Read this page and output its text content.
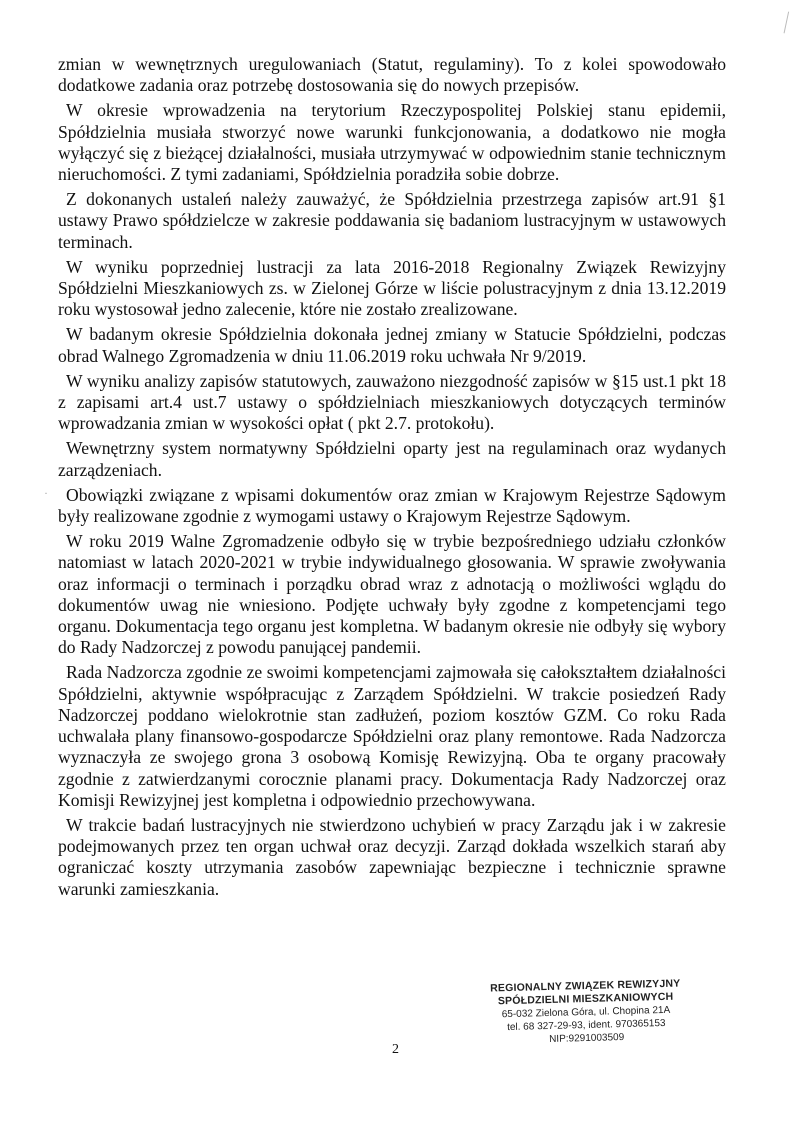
·

zmian w wewnętrznych uregulowaniach (Statut, regulaminy). To z kolei spowodowało dodatkowe zadania oraz potrzebę dostosowania się do nowych przepisów.

W okresie wprowadzenia na terytorium Rzeczypospolitej Polskiej stanu epidemii, Spółdzielnia musiała stworzyć nowe warunki funkcjonowania, a dodatkowo nie mogła wyłączyć się z bieżącej działalności, musiała utrzymywać w odpowiednim stanie technicznym nieruchomości. Z tymi zadaniami, Spółdzielnia poradziła sobie dobrze.

Z dokonanych ustaleń należy zauważyć, że Spółdzielnia przestrzega zapisów art.91 §1 ustawy Prawo spółdzielcze w zakresie poddawania się badaniom lustracyjnym w ustawowych terminach.

W wyniku poprzedniej lustracji za lata 2016-2018 Regionalny Związek Rewizyjny Spółdzielni Mieszkaniowych zs. w Zielonej Górze w liście polustracyjnym z dnia 13.12.2019 roku wystosował jedno zalecenie, które nie zostało zrealizowane.

W badanym okresie Spółdzielnia dokonała jednej zmiany w Statucie Spółdzielni, podczas obrad Walnego Zgromadzenia w dniu 11.06.2019 roku uchwała Nr 9/2019.

W wyniku analizy zapisów statutowych, zauważono niezgodność zapisów w §15 ust.1 pkt 18 z zapisami art.4 ust.7 ustawy o spółdzielniach mieszkaniowych dotyczących terminów wprowadzania zmian w wysokości opłat ( pkt 2.7. protokołu).

Wewnętrzny system normatywny Spółdzielni oparty jest na regulaminach oraz wydanych zarządzeniach.

Obowiązki związane z wpisami dokumentów oraz zmian w Krajowym Rejestrze Sądowym były realizowane zgodnie z wymogami ustawy o Krajowym Rejestrze Sądowym.

W roku 2019 Walne Zgromadzenie odbyło się w trybie bezpośredniego udziału członków natomiast w latach 2020-2021 w trybie indywidualnego głosowania. W sprawie zwoływania oraz informacji o terminach i porządku obrad wraz z adnotacją o możliwości wglądu do dokumentów uwag nie wniesiono. Podjęte uchwały były zgodne z kompetencjami tego organu. Dokumentacja tego organu jest kompletna. W badanym okresie nie odbyły się wybory do Rady Nadzorczej z powodu panującej pandemii.

Rada Nadzorcza zgodnie ze swoimi kompetencjami zajmowała się całokształtem działalności Spółdzielni, aktywnie współpracując z Zarządem Spółdzielni. W trakcie posiedzeń Rady Nadzorczej poddano wielokrotnie stan zadłużeń, poziom kosztów GZM. Co roku Rada uchwalała plany finansowo-gospodarcze Spółdzielni oraz plany remontowe. Rada Nadzorcza wyznaczyła ze swojego grona 3 osobową Komisję Rewizyjną. Oba te organy pracowały zgodnie z zatwierdzanymi corocznie planami pracy. Dokumentacja Rady Nadzorczej oraz Komisji Rewizyjnej jest kompletna i odpowiednio przechowywana.

W trakcie badań lustracyjnych nie stwierdzono uchybień w pracy Zarządu jak i w zakresie podejmowanych przez ten organ uchwał oraz decyzji. Zarząd dokłada wszelkich starań aby ograniczać koszty utrzymania zasobów zapewniając bezpieczne i technicznie sprawne warunki zamieszkania.

REGIONALNY ZWIĄZEK REWIZYJNY
SPÓŁDZIELNI MIESZKANIOWYCH
65-032 Zielona Góra, ul. Chopina 21A
tel. 68 327-29-93, ident. 970365153
NIP:9291003509
2
